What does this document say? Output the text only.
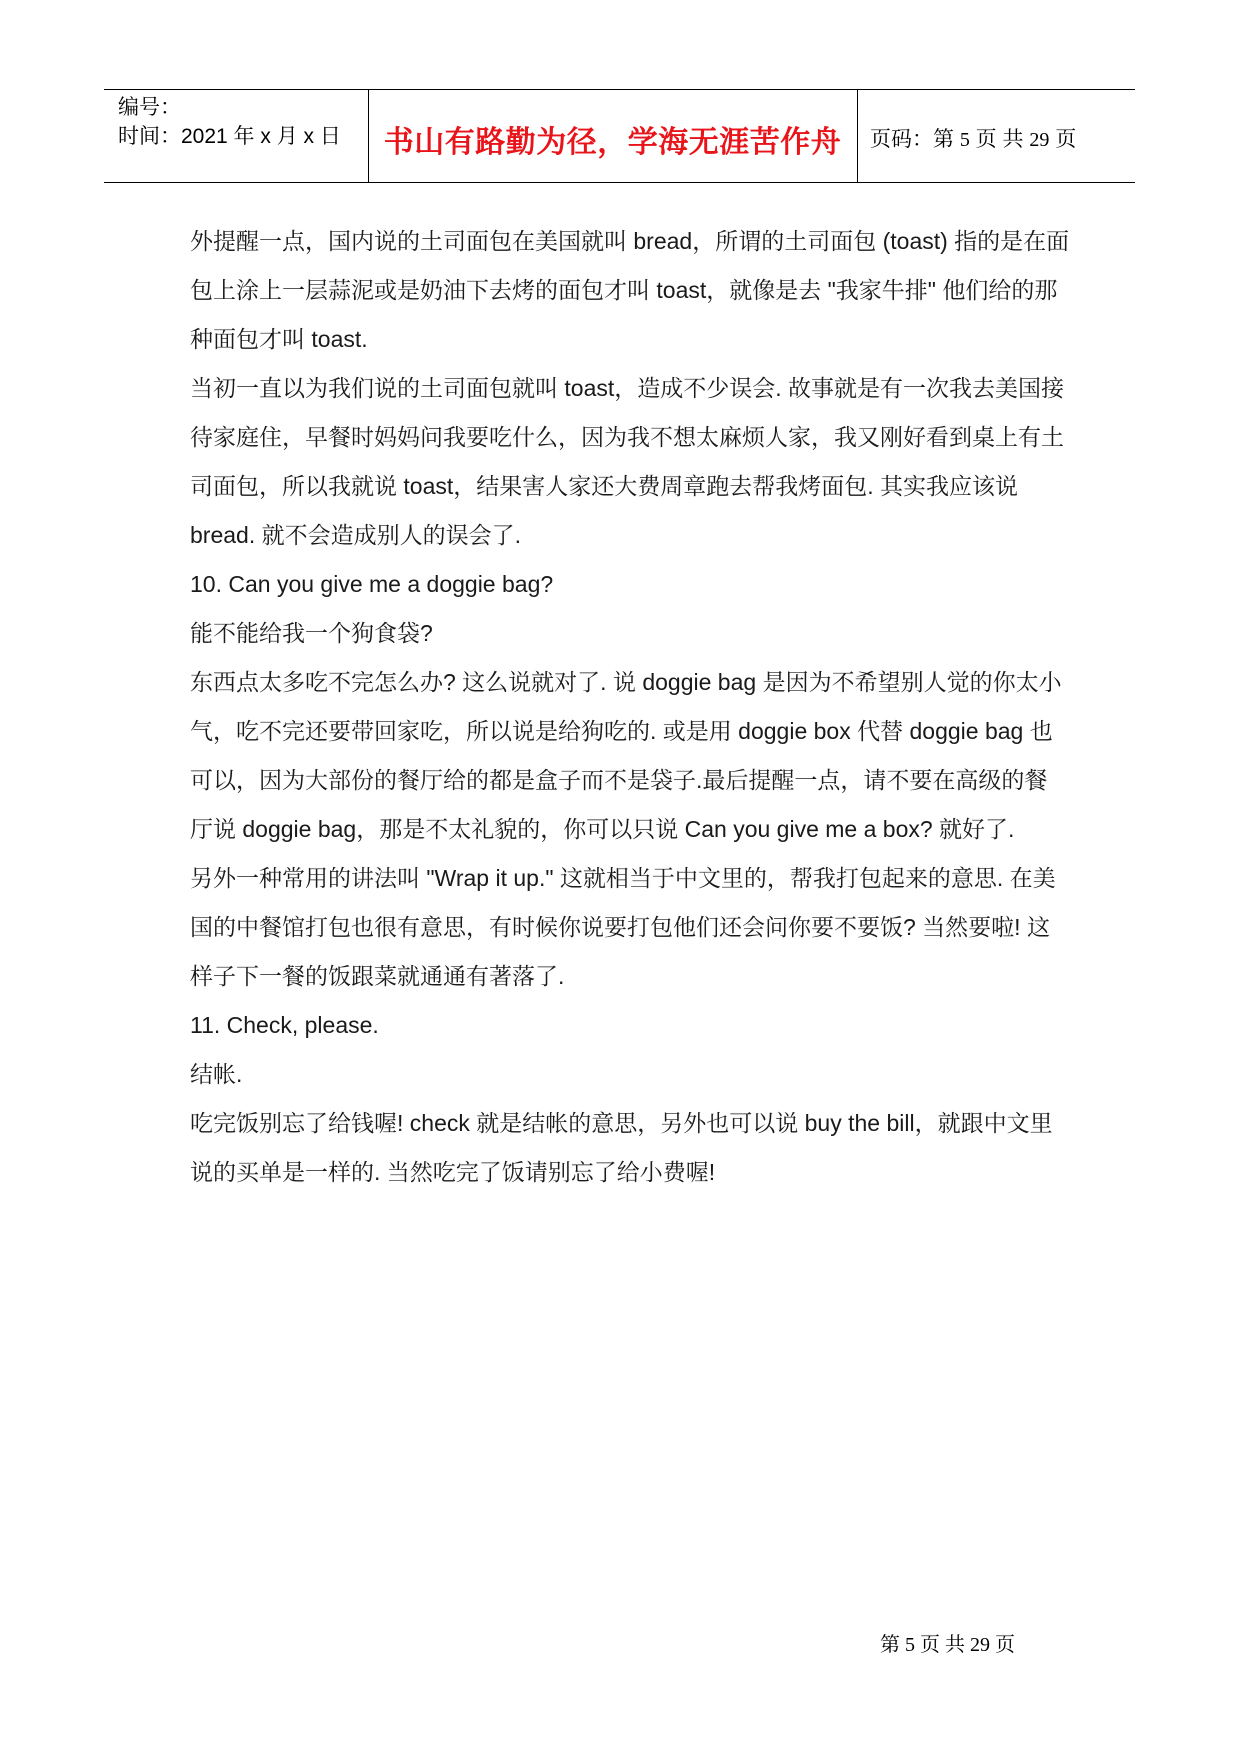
编号：
时间：2021 年 x 月 x 日	书山有路勤为径，学海无涯苦作舟	页码：第 5 页 共 29 页

外提醒一点，国内说的土司面包在美国就叫 bread，所谓的土司面包 (toast) 指的是在面包上涂上一层蒜泥或是奶油下去烤的面包才叫 toast，就像是去 "我家牛排" 他们给的那种面包才叫 toast.

当初一直以为我们说的土司面包就叫 toast，造成不少误会. 故事就是有一次我去美国接待家庭住，早餐时妈妈问我要吃什么，因为我不想太麻烦人家，我又刚好看到桌上有土司面包，所以我就说 toast，结果害人家还大费周章跑去帮我烤面包. 其实我应该说 bread. 就不会造成别人的误会了.

10. Can you give me a doggie bag?

能不能给我一个狗食袋?

东西点太多吃不完怎么办? 这么说就对了. 说 doggie bag 是因为不希望别人觉的你太小气，吃不完还要带回家吃，所以说是给狗吃的. 或是用 doggie box 代替 doggie bag 也可以，因为大部份的餐厅给的都是盒子而不是袋子.最后提醒一点，请不要在高级的餐厅说 doggie bag，那是不太礼貌的，你可以只说 Can you give me a box? 就好了.

另外一种常用的讲法叫 "Wrap it up." 这就相当于中文里的，帮我打包起来的意思. 在美国的中餐馆打包也很有意思，有时候你说要打包他们还会问你要不要饭? 当然要啦! 这样子下一餐的饭跟菜就通通有著落了.

11. Check, please.

结帐.

吃完饭别忘了给钱喔! check 就是结帐的意思，另外也可以说 buy the bill，就跟中文里说的买单是一样的. 当然吃完了饭请别忘了给小费喔!

第 5 页 共 29 页
